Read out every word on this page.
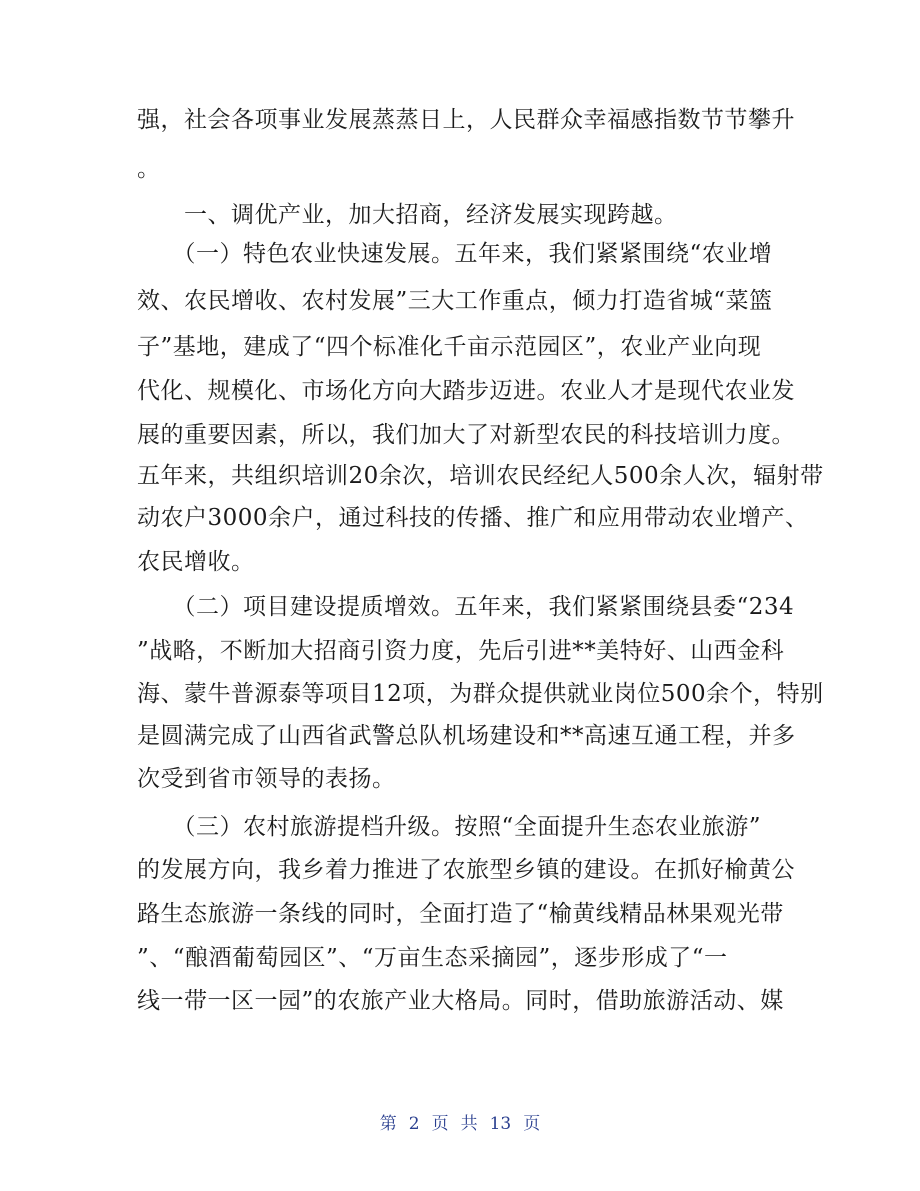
强，社会各项事业发展蒸蒸日上，人民群众幸福感指数节节攀升
。
　　一、调优产业，加大招商，经济发展实现跨越。
　　（一）特色农业快速发展。五年来，我们紧紧围绕“农业增
效、农民增收、农村发展”三大工作重点，倾力打造省城“菜篮
子”基地，建成了“四个标准化千亩示范园区”，农业产业向现
代化、规模化、市场化方向大踏步迈进。农业人才是现代农业发
展的重要因素，所以，我们加大了对新型农民的科技培训力度。
五年来，共组织培训20余次，培训农民经纪人500余人次，辐射带
动农户3000余户，通过科技的传播、推广和应用带动农业增产、
农民增收。
　　（二）项目建设提质增效。五年来，我们紧紧围绕县委“234
”战略，不断加大招商引资力度，先后引进**美特好、山西金科
海、蒙牛普源泰等项目12项，为群众提供就业岗位500余个，特别
是圆满完成了山西省武警总队机场建设和**高速互通工程，并多
次受到省市领导的表扬。
　　（三）农村旅游提档升级。按照“全面提升生态农业旅游”
的发展方向，我乡着力推进了农旅型乡镇的建设。在抓好榆黄公
路生态旅游一条线的同时，全面打造了“榆黄线精品林果观光带
”、“酿酒葡萄园区”、“万亩生态采摘园”，逐步形成了“一
线一带一区一园”的农旅产业大格局。同时，借助旅游活动、媒
第 2 页 共 13 页
